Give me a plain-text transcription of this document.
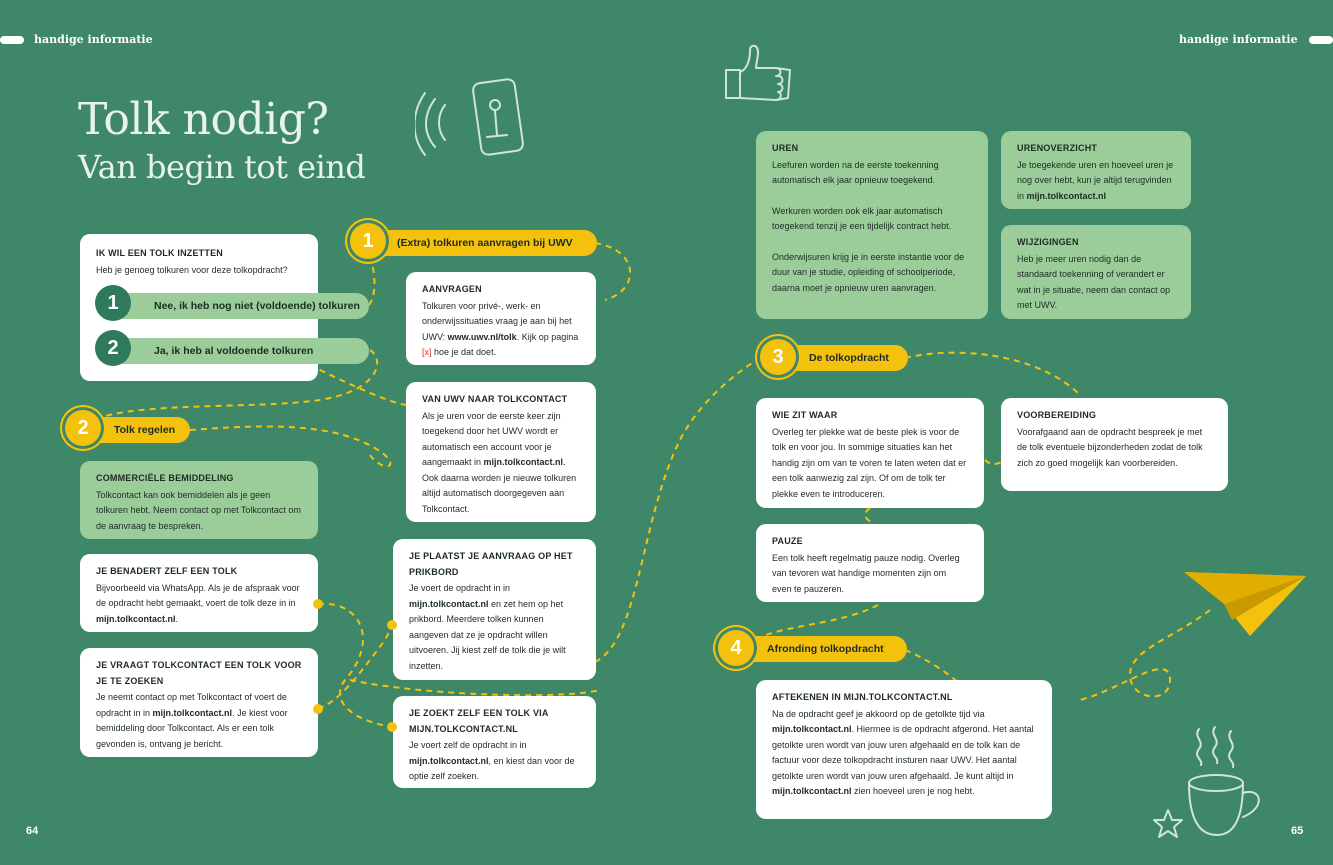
handige informatie	handige informatie
Tolk nodig?
Van begin tot eind
IK WIL EEN TOLK INZETTEN

Heb je genoeg tolkuren voor deze tolkopdracht?

Nee, ik heb nog niet (voldoende) tolkuren
1
Ja, ik heb al voldoende tolkuren
2
(Extra) tolkuren aanvragen bij UWV
1
AANVRAGEN

Tolkuren voor privé-, werk- en onderwijssituaties vraag je aan bij het UWV: www.uwv.nl/tolk. Kijk op pagina [x] hoe je dat doet.

VAN UWV NAAR TOLKCONTACT

Als je uren voor de eerste keer zijn toegekend door het UWV wordt er automatisch een account voor je aangemaakt in mijn.tolkcontact.nl. Ook daarna worden je nieuwe tolkuren altijd automatisch doorgegeven aan Tolkcontact.

Tolk regelen
2
COMMERCIËLE BEMIDDELING

Tolkcontact kan ook bemiddelen als je geen tolkuren hebt. Neem contact op met Tolkcontact om de aanvraag te bespreken.

JE BENADERT ZELF EEN TOLK

Bijvoorbeeld via WhatsApp. Als je de afspraak voor de opdracht hebt gemaakt, voert de tolk deze in in mijn.tolkcontact.nl.

JE VRAAGT TOLKCONTACT EEN TOLK VOOR JE TE ZOEKEN

Je neemt contact op met Tolkcontact of voert de opdracht in in mijn.tolkcontact.nl. Je kiest voor bemiddeling door Tolkcontact. Als er een tolk gevonden is, ontvang je bericht.

JE PLAATST JE AANVRAAG OP HET PRIKBORD

Je voert de opdracht in in mijn.tolkcontact.nl en zet hem op het prikbord. Meerdere tolken kunnen aangeven dat ze je opdracht willen uitvoeren. Jij kiest zelf de tolk die je wilt inzetten.

JE ZOEKT ZELF EEN TOLK VIA MIJN.TOLKCONTACT.NL

Je voert zelf de opdracht in in mijn.tolkcontact.nl, en kiest dan voor de optie zelf zoeken.

64
UREN

Leefuren worden na de eerste toekenning automatisch elk jaar opnieuw toegekend.

Werkuren worden ook elk jaar automatisch toegekend tenzij je een tijdelijk contract hebt.

Onderwijsuren krijg je in eerste instantie voor de duur van je studie, opleiding of schoolperiode, daarna moet je opnieuw uren aanvragen.

URENOVERZICHT

Je toegekende uren en hoeveel uren je nog over hebt, kun je altijd terugvinden in mijn.tolkcontact.nl

WIJZIGINGEN

Heb je meer uren nodig dan de standaard toekenning of verandert er wat in je situatie, neem dan contact op met UWV.

De tolkopdracht
3
WIE ZIT WAAR

Overleg ter plekke wat de beste plek is voor de tolk en voor jou. In sommige situaties kan het handig zijn om van te voren te laten weten dat er een tolk aanwezig zal zijn. Of om de tolk ter plekke even te introduceren.

VOORBEREIDING

Voorafgaand aan de opdracht bespreek je met de tolk eventuele bijzonderheden zodat de tolk zich zo goed mogelijk kan voorbereiden.

PAUZE

Een tolk heeft regelmatig pauze nodig. Overleg van tevoren wat handige momenten zijn om even te pauzeren.

Afronding tolkopdracht
4
AFTEKENEN IN MIJN.TOLKCONTACT.NL

Na de opdracht geef je akkoord op de getolkte tijd via mijn.tolkcontact.nl. Hiermee is de opdracht afgerond. Het aantal getolkte uren wordt van jouw uren afgehaald en de tolk kan de factuur voor deze tolkopdracht insturen naar UWV. Het aantal getolkte uren wordt van jouw uren afgehaald. Je kunt altijd in mijn.tolkcontact.nl zien hoeveel uren je nog hebt.

65
